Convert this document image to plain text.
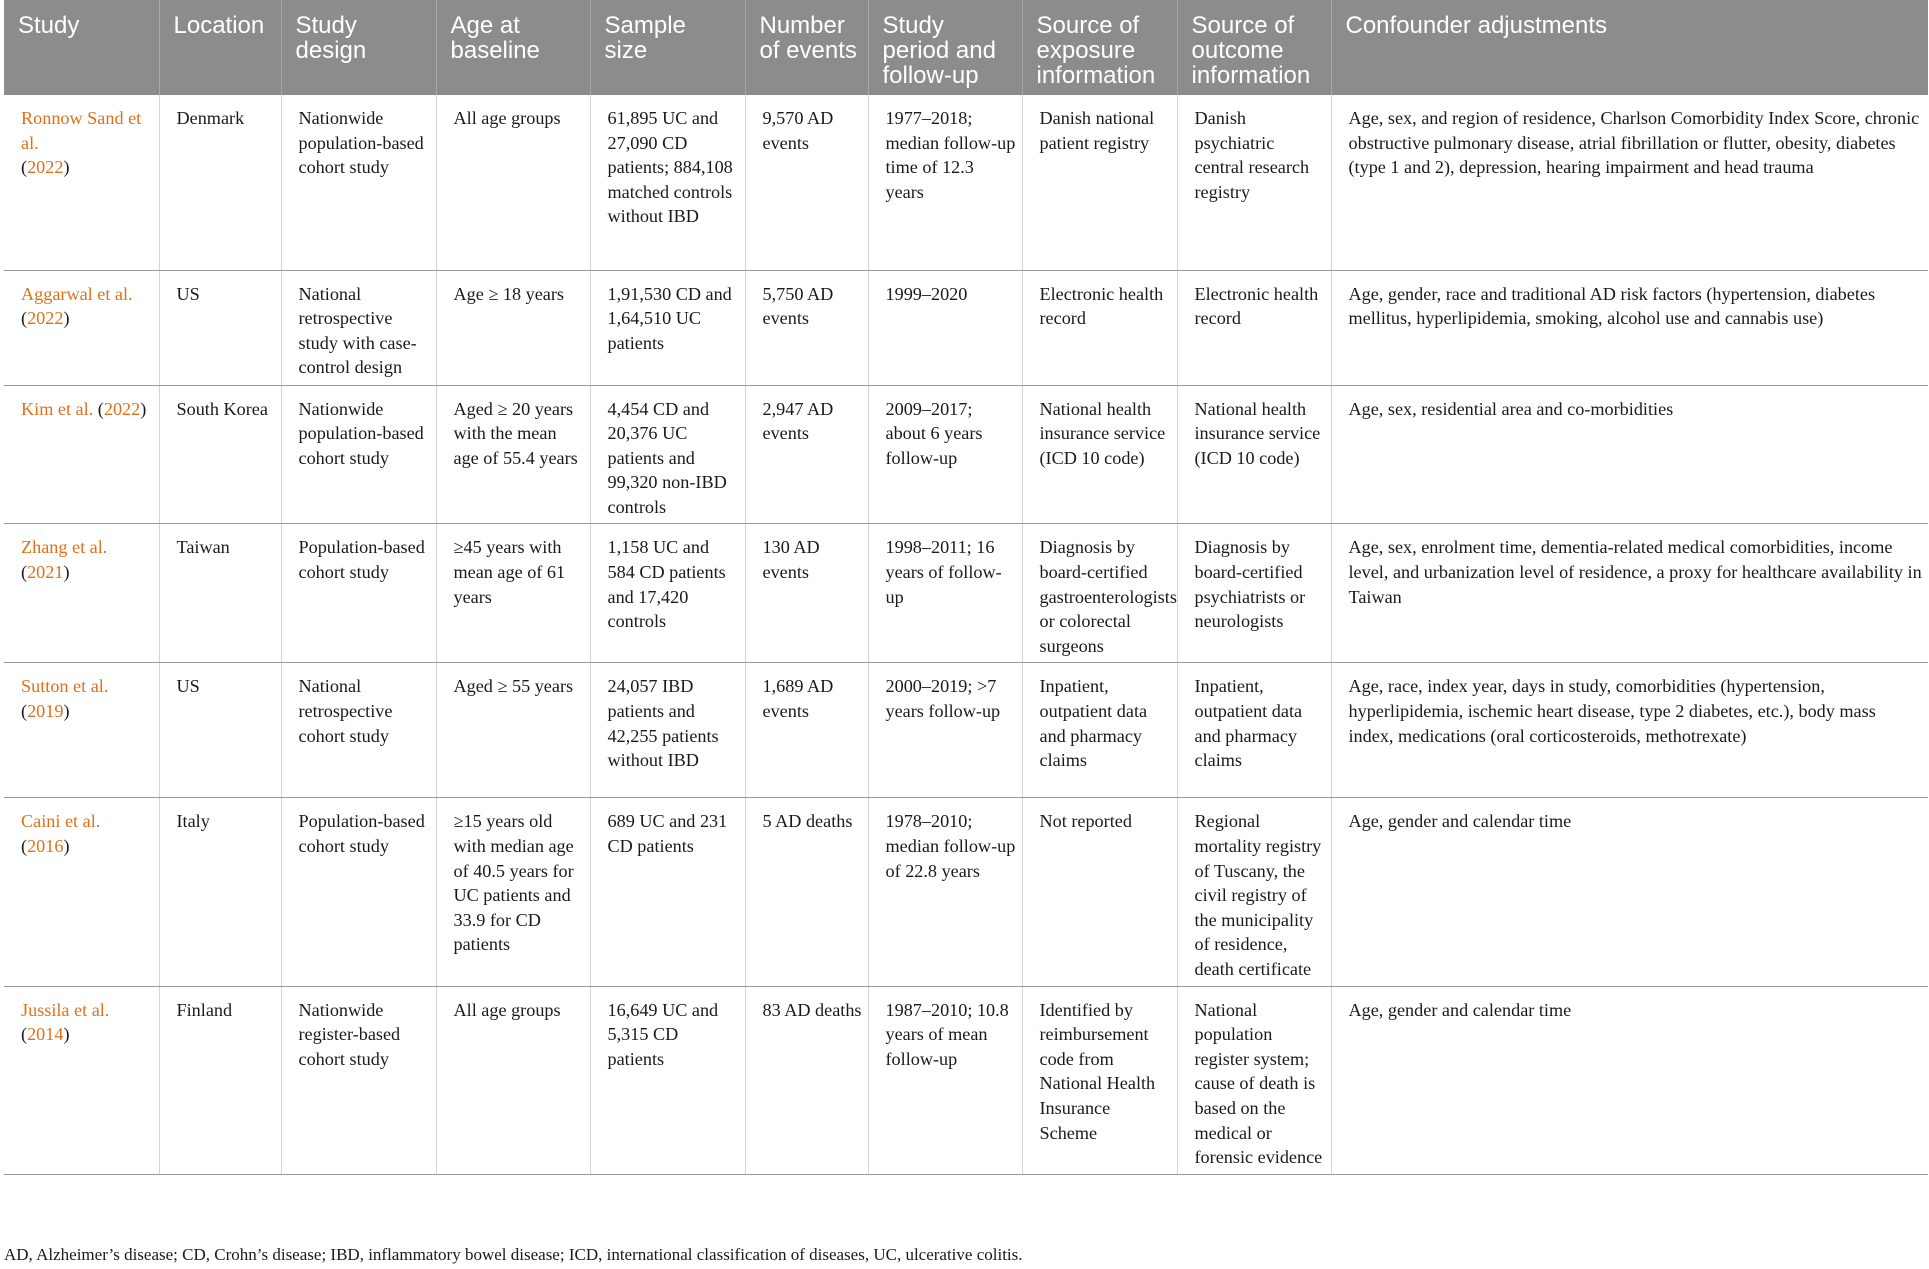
Study	Location	Study design	Age at baseline	Sample size	Number of events	Study period and follow-up	Source of exposure information	Source of outcome information	Confounder adjustments
Ronnow Sand et al.
(2022)	Denmark	Nationwide population-based cohort study	All age groups	61,895 UC and 27,090 CD patients; 884,108 matched controls without IBD	9,570 AD events	1977–2018; median follow-up time of 12.3 years	Danish national patient registry	Danish psychiatric central research registry	Age, sex, and region of residence, Charlson Comorbidity Index Score, chronic obstructive pulmonary disease, atrial fibrillation or flutter, obesity, diabetes (type 1 and 2), depression, hearing impairment and head trauma
Aggarwal et al.
(2022)	US	National retrospective study with case-control design	Age ≥ 18 years	1,91,530 CD and 1,64,510 UC patients	5,750 AD events	1999–2020	Electronic health record	Electronic health record	Age, gender, race and traditional AD risk factors (hypertension, diabetes mellitus, hyperlipidemia, smoking, alcohol use and cannabis use)
Kim et al. (2022)	South Korea	Nationwide population-based cohort study	Aged ≥ 20 years with the mean age of 55.4 years	4,454 CD and 20,376 UC patients and 99,320 non-IBD controls	2,947 AD events	2009–2017; about 6 years follow-up	National health insurance service (ICD 10 code)	National health insurance service (ICD 10 code)	Age, sex, residential area and co-morbidities
Zhang et al. (2021)	Taiwan	Population-based cohort study	≥45 years with mean age of 61 years	1,158 UC and 584 CD patients and 17,420 controls	130 AD events	1998–2011; 16 years of follow-up	Diagnosis by board-certified gastroenterologists or colorectal surgeons	Diagnosis by board-certified psychiatrists or neurologists	Age, sex, enrolment time, dementia-related medical comorbidities, income level, and urbanization level of residence, a proxy for healthcare availability in Taiwan
Sutton et al. (2019)	US	National retrospective cohort study	Aged ≥ 55 years	24,057 IBD patients and 42,255 patients without IBD	1,689 AD events	2000–2019; >7 years follow-up	Inpatient, outpatient data and pharmacy claims	Inpatient, outpatient data and pharmacy claims	Age, race, index year, days in study, comorbidities (hypertension, hyperlipidemia, ischemic heart disease, type 2 diabetes, etc.), body mass index, medications (oral corticosteroids, methotrexate)
Caini et al. (2016)	Italy	Population-based cohort study	≥15 years old with median age of 40.5 years for UC patients and 33.9 for CD patients	689 UC and 231 CD patients	5 AD deaths	1978–2010; median follow-up of 22.8 years	Not reported	Regional mortality registry of Tuscany, the civil registry of the municipality of residence, death certificate	Age, gender and calendar time
Jussila et al. (2014)	Finland	Nationwide register-based cohort study	All age groups	16,649 UC and 5,315 CD patients	83 AD deaths	1987–2010; 10.8 years of mean follow-up	Identified by reimbursement code from National Health Insurance Scheme	National population register system; cause of death is based on the medical or forensic evidence	Age, gender and calendar time
AD, Alzheimer’s disease; CD, Crohn’s disease; IBD, inflammatory bowel disease; ICD, international classification of diseases, UC, ulcerative colitis.
